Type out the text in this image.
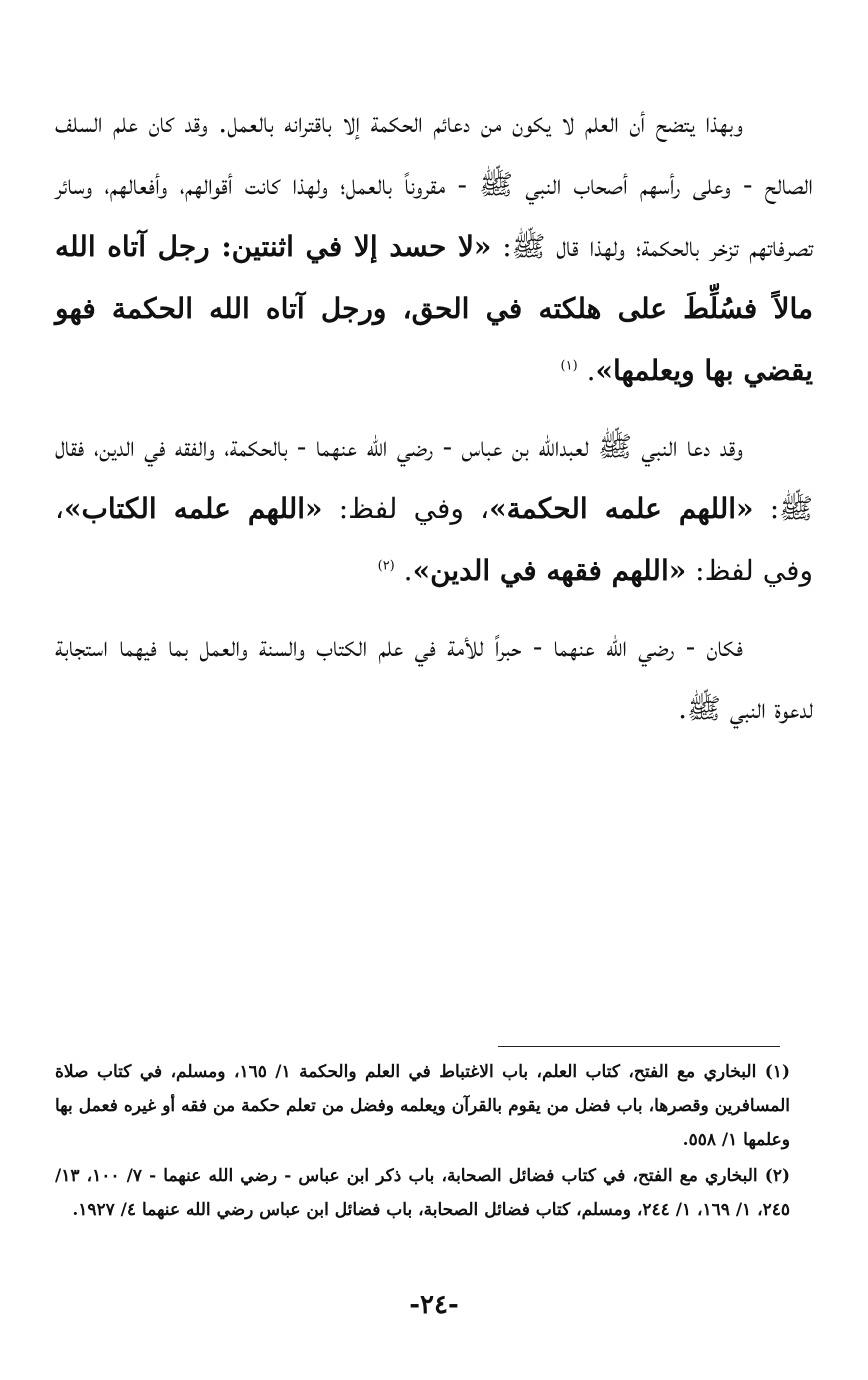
وبهذا يتضح أن العلم لا يكون من دعائم الحكمة إلا باقترانه بالعمل. وقد كان علم السلف الصالح - وعلى رأسهم أصحاب النبي ﷺ - مقروناً بالعمل؛ ولهذا كانت أقوالهم، وأفعالهم، وسائر تصرفاتهم تزخر بالحكمة؛ ولهذا قال ﷺ: «لا حسد إلا في اثنتين: رجل آتاه الله مالاً فسُلِّطَ على هلكته في الحق، ورجل آتاه الله الحكمة فهو يقضي بها ويعلمها». $^{(١)}$

وقد دعا النبي ﷺ لعبدالله بن عباس - رضي الله عنهما - بالحكمة، والفقه في الدين، فقال ﷺ: «اللهم علمه الحكمة»، وفي لفظ: «اللهم علمه الكتاب»، وفي لفظ: «اللهم فقهه في الدين». $^{(٢)}$

فكان - رضي الله عنهما - حبراً للأمة في علم الكتاب والسنة والعمل بما فيهما استجابة لدعوة النبي ﷺ.

(١) البخاري مع الفتح، كتاب العلم، باب الاغتباط في العلم والحكمة ١/ ١٦٥، ومسلم، في كتاب صلاة المسافرين وقصرها، باب فضل من يقوم بالقرآن ويعلمه وفضل من تعلم حكمة من فقه أو غيره فعمل بها وعلمها ١/ ٥٥٨.

(٢) البخاري مع الفتح، في كتاب فضائل الصحابة، باب ذكر ابن عباس - رضي الله عنهما - ٧/ ١٠٠، ١٣/ ٢٤٥، ١/ ١٦٩، ١/ ٢٤٤، ومسلم، كتاب فضائل الصحابة، باب فضائل ابن عباس رضي الله عنهما ٤/ ١٩٢٧.

-٢٤-
